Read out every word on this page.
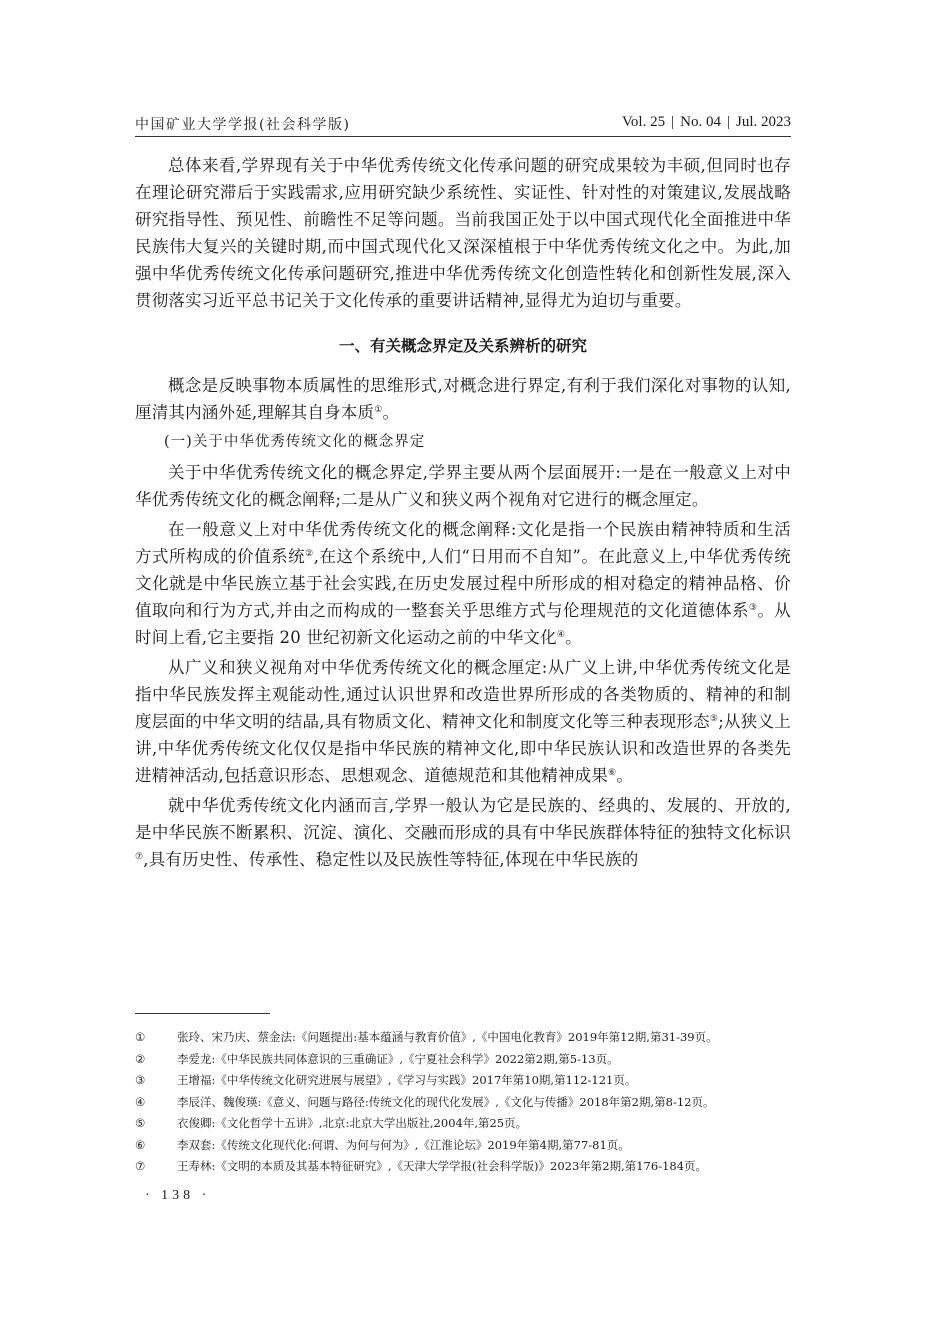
中国矿业大学学报(社会科学版)	Vol. 25 | No. 04 | Jul. 2023

总体来看,学界现有关于中华优秀传统文化传承问题的研究成果较为丰硕,但同时也存在理论研究滞后于实践需求,应用研究缺少系统性、实证性、针对性的对策建议,发展战略研究指导性、预见性、前瞻性不足等问题。当前我国正处于以中国式现代化全面推进中华民族伟大复兴的关键时期,而中国式现代化又深深植根于中华优秀传统文化之中。为此,加强中华优秀传统文化传承问题研究,推进中华优秀传统文化创造性转化和创新性发展,深入贯彻落实习近平总书记关于文化传承的重要讲话精神,显得尤为迫切与重要。

一、有关概念界定及关系辨析的研究

概念是反映事物本质属性的思维形式,对概念进行界定,有利于我们深化对事物的认知,厘清其内涵外延,理解其自身本质①。

(一)关于中华优秀传统文化的概念界定

关于中华优秀传统文化的概念界定,学界主要从两个层面展开:一是在一般意义上对中华优秀传统文化的概念阐释;二是从广义和狭义两个视角对它进行的概念厘定。

在一般意义上对中华优秀传统文化的概念阐释:文化是指一个民族由精神特质和生活方式所构成的价值系统②,在这个系统中,人们“日用而不自知”。在此意义上,中华优秀传统文化就是中华民族立基于社会实践,在历史发展过程中所形成的相对稳定的精神品格、价值取向和行为方式,并由之而构成的一整套关乎思维方式与伦理规范的文化道德体系③。从时间上看,它主要指 20 世纪初新文化运动之前的中华文化④。

从广义和狭义视角对中华优秀传统文化的概念厘定:从广义上讲,中华优秀传统文化是指中华民族发挥主观能动性,通过认识世界和改造世界所形成的各类物质的、精神的和制度层面的中华文明的结晶,具有物质文化、精神文化和制度文化等三种表现形态⑤;从狭义上讲,中华优秀传统文化仅仅是指中华民族的精神文化,即中华民族认识和改造世界的各类先进精神活动,包括意识形态、思想观念、道德规范和其他精神成果⑥。

就中华优秀传统文化内涵而言,学界一般认为它是民族的、经典的、发展的、开放的,是中华民族不断累积、沉淀、演化、交融而形成的具有中华民族群体特征的独特文化标识⑦,具有历史性、传承性、稳定性以及民族性等特征,体现在中华民族的

①	张玲、宋乃庆、蔡金法:《问题提出:基本蕴涵与教育价值》,《中国电化教育》2019年第12期,第31-39页。
②	李爱龙:《中华民族共同体意识的三重确证》,《宁夏社会科学》2022第2期,第5-13页。
③	王增福:《中华传统文化研究进展与展望》,《学习与实践》2017年第10期,第112-121页。
④	李辰洋、魏俊瑛:《意义、问题与路径:传统文化的现代化发展》,《文化与传播》2018年第2期,第8-12页。
⑤	衣俊卿:《文化哲学十五讲》,北京:北京大学出版社,2004年,第25页。
⑥	李双套:《传统文化现代化:何谓、为何与何为》,《江淮论坛》2019年第4期,第77-81页。
⑦	王寿林:《文明的本质及其基本特征研究》,《天津大学学报(社会科学版)》2023年第2期,第176-184页。
· 138 ·
